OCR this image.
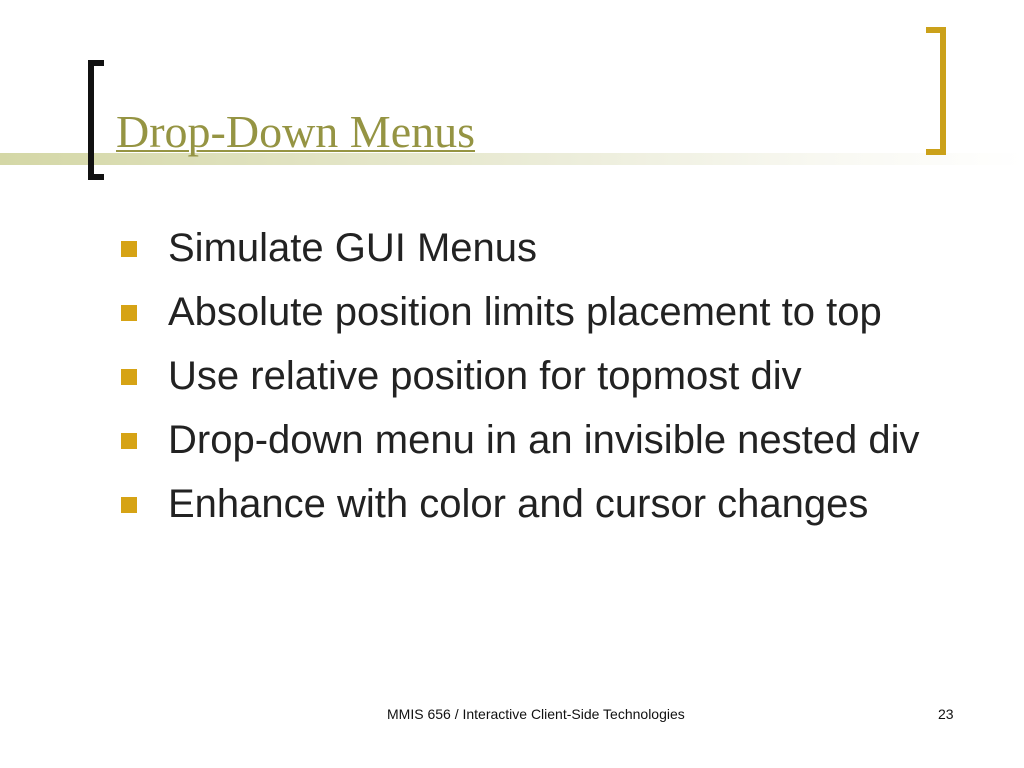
Drop-Down Menus
Simulate GUI Menus
Absolute position limits placement to top
Use relative position for topmost div
Drop-down menu in an invisible nested div
Enhance with color and cursor changes
MMIS 656 / Interactive Client-Side Technologies	23
